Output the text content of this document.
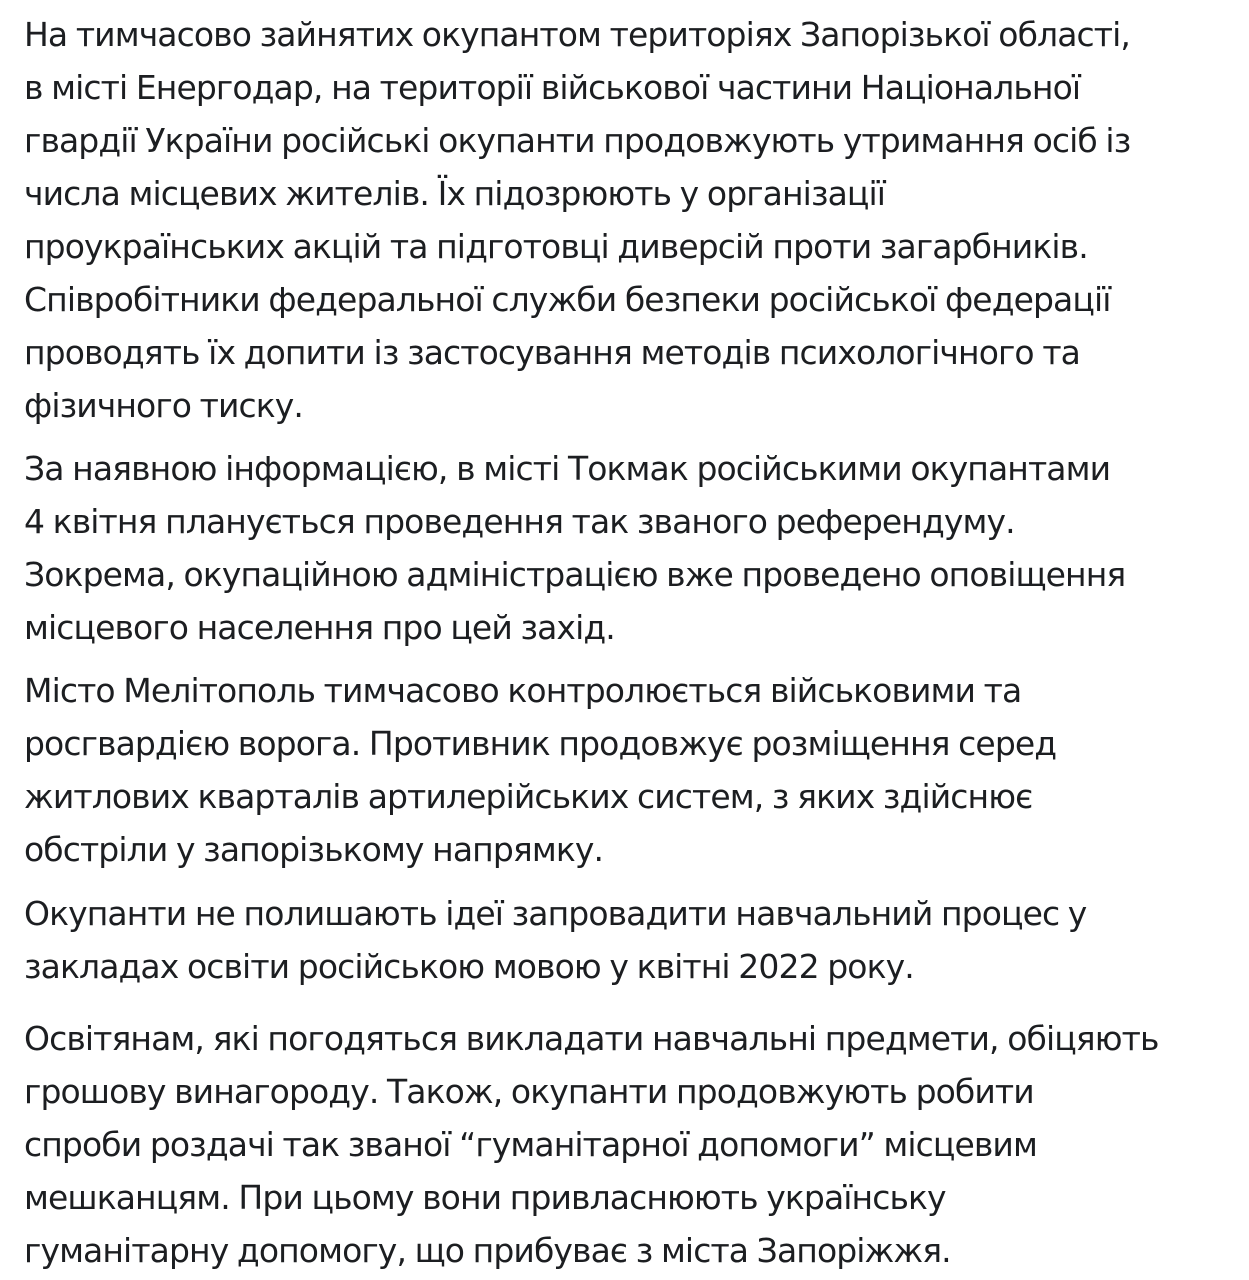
На тимчасово зайнятих окупантом територіях Запорізької області,
в місті Енергодар, на території військової частини Національної
гвардії України російські окупанти продовжують утримання осіб із
числа місцевих жителів. Їх підозрюють у організації
проукраїнських акцій та підготовці диверсій проти загарбників.
Співробітники федеральної служби безпеки російської федерації
проводять їх допити із застосування методів психологічного та
фізичного тиску.
За наявною інформацією, в місті Токмак російськими окупантами
4 квітня планується проведення так званого референдуму.
Зокрема, окупаційною адміністрацією вже проведено оповіщення
місцевого населення про цей захід.
Місто Мелітополь тимчасово контролюється військовими та
росгвардією ворога. Противник продовжує розміщення серед
житлових кварталів артилерійських систем, з яких здійснює
обстріли у запорізькому напрямку.
Окупанти не полишають ідеї запровадити навчальний процес у
закладах освіти російською мовою у квітні 2022 року.
Освітянам, які погодяться викладати навчальні предмети, обіцяють
грошову винагороду. Також, окупанти продовжують робити
спроби роздачі так званої “гуманітарної допомоги” місцевим
мешканцям. При цьому вони привласнюють українську
гуманітарну допомогу, що прибуває з міста Запоріжжя.
